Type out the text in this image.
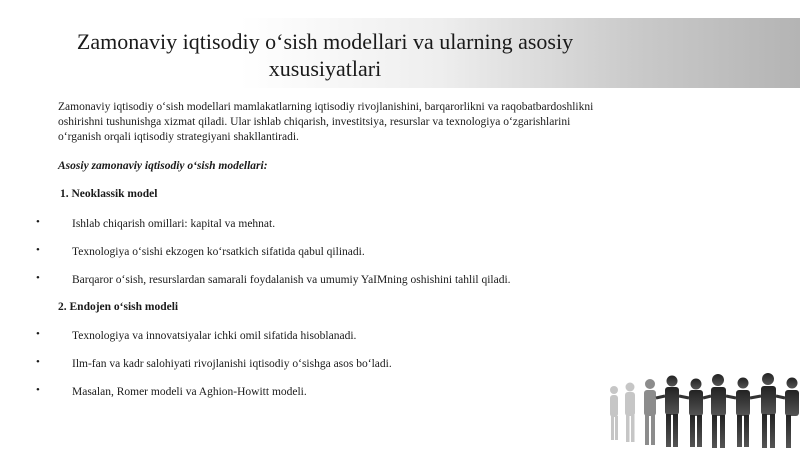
Zamonaviy iqtisodiy oʻsish modellari va ularning asosiy
xususiyatlari
Zamonaviy iqtisodiy oʻsish modellari mamlakatlarning iqtisodiy rivojlanishini, barqarorlikni va raqobatbardoshlikni
oshirishni tushunishga xizmat qiladi. Ular ishlab chiqarish, investitsiya, resurslar va texnologiya oʻzgarishlarini
oʻrganish orqali iqtisodiy strategiyani shakllantiradi.
Asosiy zamonaviy iqtisodiy oʻsish modellari:
1. Neoklassik model
•	Ishlab chiqarish omillari: kapital va mehnat.
•	Texnologiya oʻsishi ekzogen koʻrsatkich sifatida qabul qilinadi.
•	Barqaror oʻsish, resurslardan samarali foydalanish va umumiy YaIMning oshishini tahlil qiladi.
2. Endojen oʻsish modeli
•	Texnologiya va innovatsiyalar ichki omil sifatida hisoblanadi.
•	Ilm-fan va kadr salohiyati rivojlanishi iqtisodiy oʻsishga asos boʻladi.
•	Masalan, Romer modeli va Aghion-Howitt modeli.
